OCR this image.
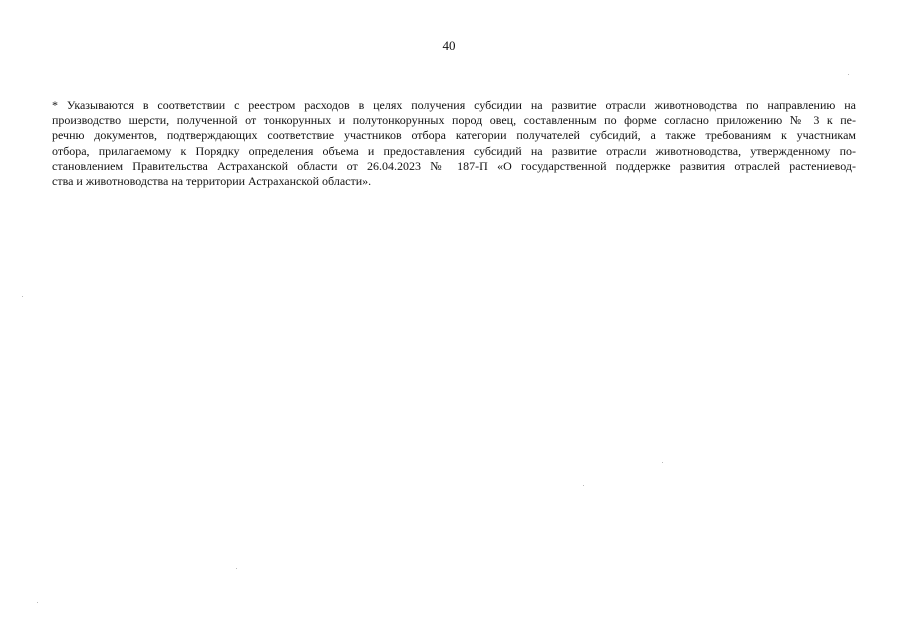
40

* Указываются в соответствии с реестром расходов в целях получения субсидии на развитие отрасли животноводства по направлению на
производство шерсти, полученной от тонкорунных и полутонкорунных пород овец, составленным по форме согласно приложению № 3 к пе-
речню документов, подтверждающих соответствие участников отбора категории получателей субсидий, а также требованиям к участникам
отбора, прилагаемому к Порядку определения объема и предоставления субсидий на развитие отрасли животноводства, утвержденному по-
становлением Правительства Астраханской области от 26.04.2023 № 187-П «О государственной поддержке развития отраслей растениевод-
ства и животноводства на территории Астраханской области».
